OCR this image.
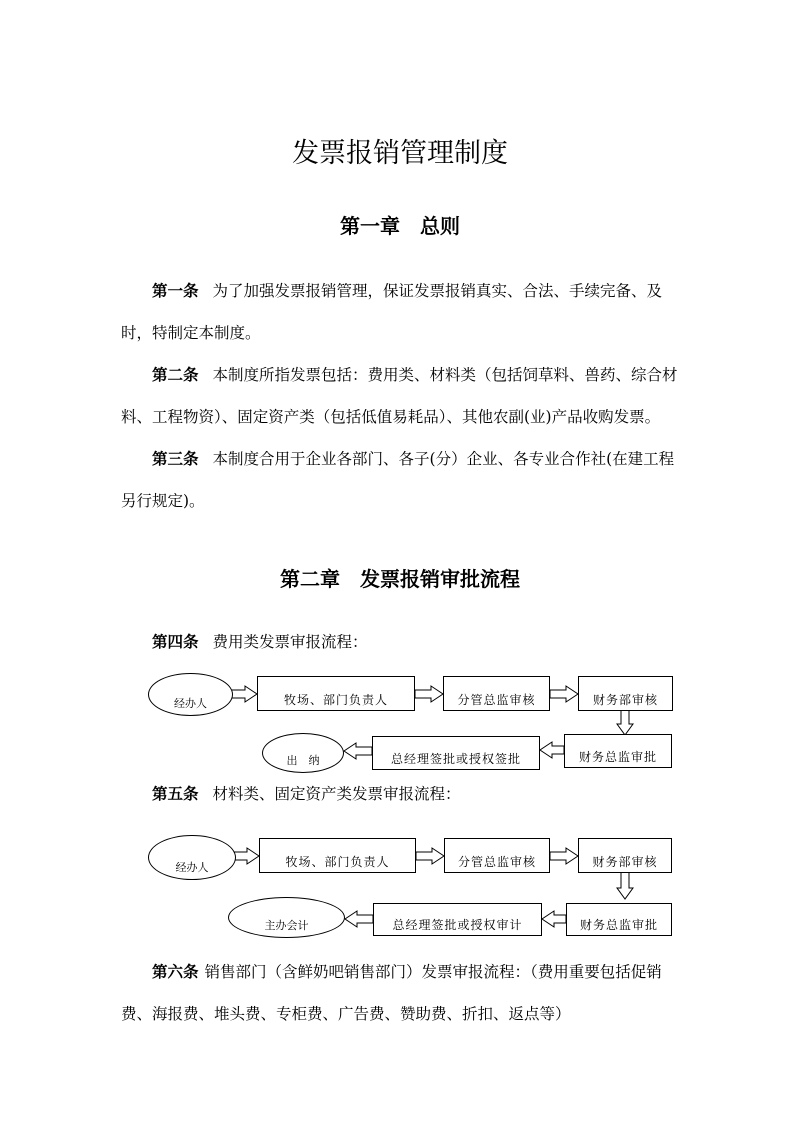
发票报销管理制度
第一章　总则
第一条 为了加强发票报销管理，保证发票报销真实、合法、手续完备、及时，特制定本制度。
第二条 本制度所指发票包括：费用类、材料类（包括饲草料、兽药、综合材料、工程物资）、固定资产类（包括低值易耗品）、其他农副(业)产品收购发票。
第三条 本制度合用于企业各部门、各子(分）企业、各专业合作社(在建工程另行规定)。
第二章　发票报销审批流程
第四条 费用类发票审报流程：
经办人	牧场、部门负责人	分管总监审核	财务部审核
财务总监审批
总经理签批或授权签批
出　纳
第五条 材料类、固定资产类发票审报流程：
经办人	牧场、部门负责人	分管总监审核	财务部审核
财务总监审批
总经理签批或授权审计
主办会计
第六条 销售部门（含鲜奶吧销售部门）发票审报流程：（费用重要包括促销费、海报费、堆头费、专柜费、广告费、赞助费、折扣、返点等）
